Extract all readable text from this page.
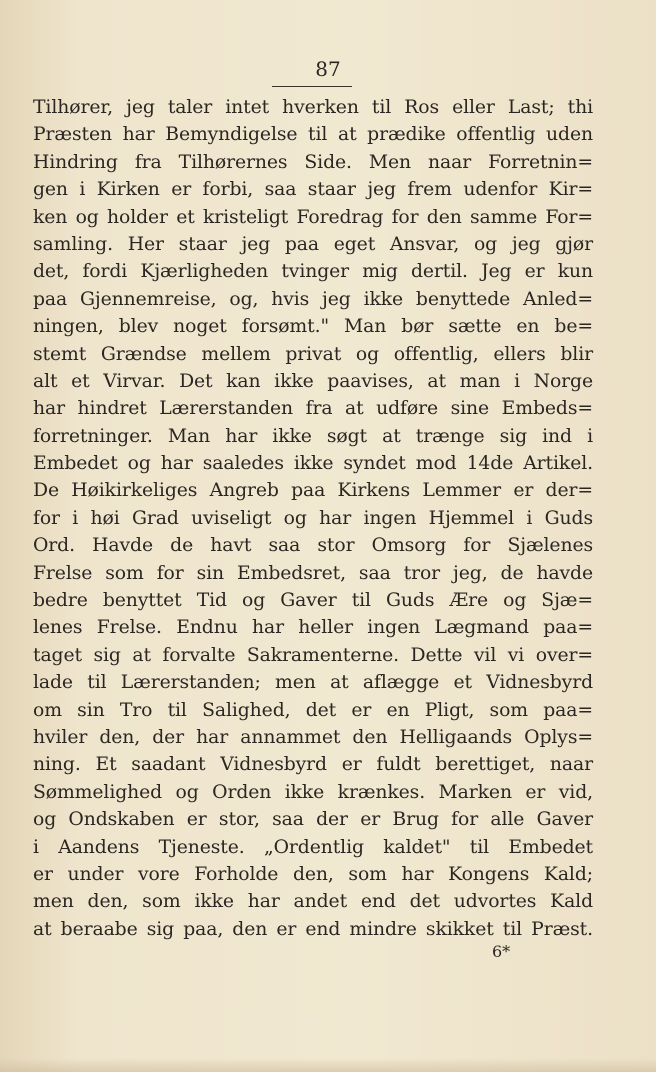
87
Tilhører, jeg taler intet hverken til Ros eller Last; thi
Præsten har Bemyndigelse til at prædike offentlig uden
Hindring fra Tilhørernes Side. Men naar Forretnin=
gen i Kirken er forbi, saa staar jeg frem udenfor Kir=
ken og holder et kristeligt Foredrag for den samme For=
samling. Her staar jeg paa eget Ansvar, og jeg gjør
det, fordi Kjærligheden tvinger mig dertil. Jeg er kun
paa Gjennemreise, og, hvis jeg ikke benyttede Anled=
ningen, blev noget forsømt." Man bør sætte en be=
stemt Grændse mellem privat og offentlig, ellers blir
alt et Virvar. Det kan ikke paavises, at man i Norge
har hindret Lærerstanden fra at udføre sine Embeds=
forretninger. Man har ikke søgt at trænge sig ind i
Embedet og har saaledes ikke syndet mod 14de Artikel.
De Høikirkeliges Angreb paa Kirkens Lemmer er der=
for i høi Grad uviseligt og har ingen Hjemmel i Guds
Ord. Havde de havt saa stor Omsorg for Sjælenes
Frelse som for sin Embedsret, saa tror jeg, de havde
bedre benyttet Tid og Gaver til Guds Ære og Sjæ=
lenes Frelse. Endnu har heller ingen Lægmand paa=
taget sig at forvalte Sakramenterne. Dette vil vi over=
lade til Lærerstanden; men at aflægge et Vidnesbyrd
om sin Tro til Salighed, det er en Pligt, som paa=
hviler den, der har annammet den Helligaands Oplys=
ning. Et saadant Vidnesbyrd er fuldt berettiget, naar
Sømmelighed og Orden ikke krænkes. Marken er vid,
og Ondskaben er stor, saa der er Brug for alle Gaver
i Aandens Tjeneste. „Ordentlig kaldet" til Embedet
er under vore Forholde den, som har Kongens Kald;
men den, som ikke har andet end det udvortes Kald
at beraabe sig paa, den er end mindre skikket til Præst.
6*
